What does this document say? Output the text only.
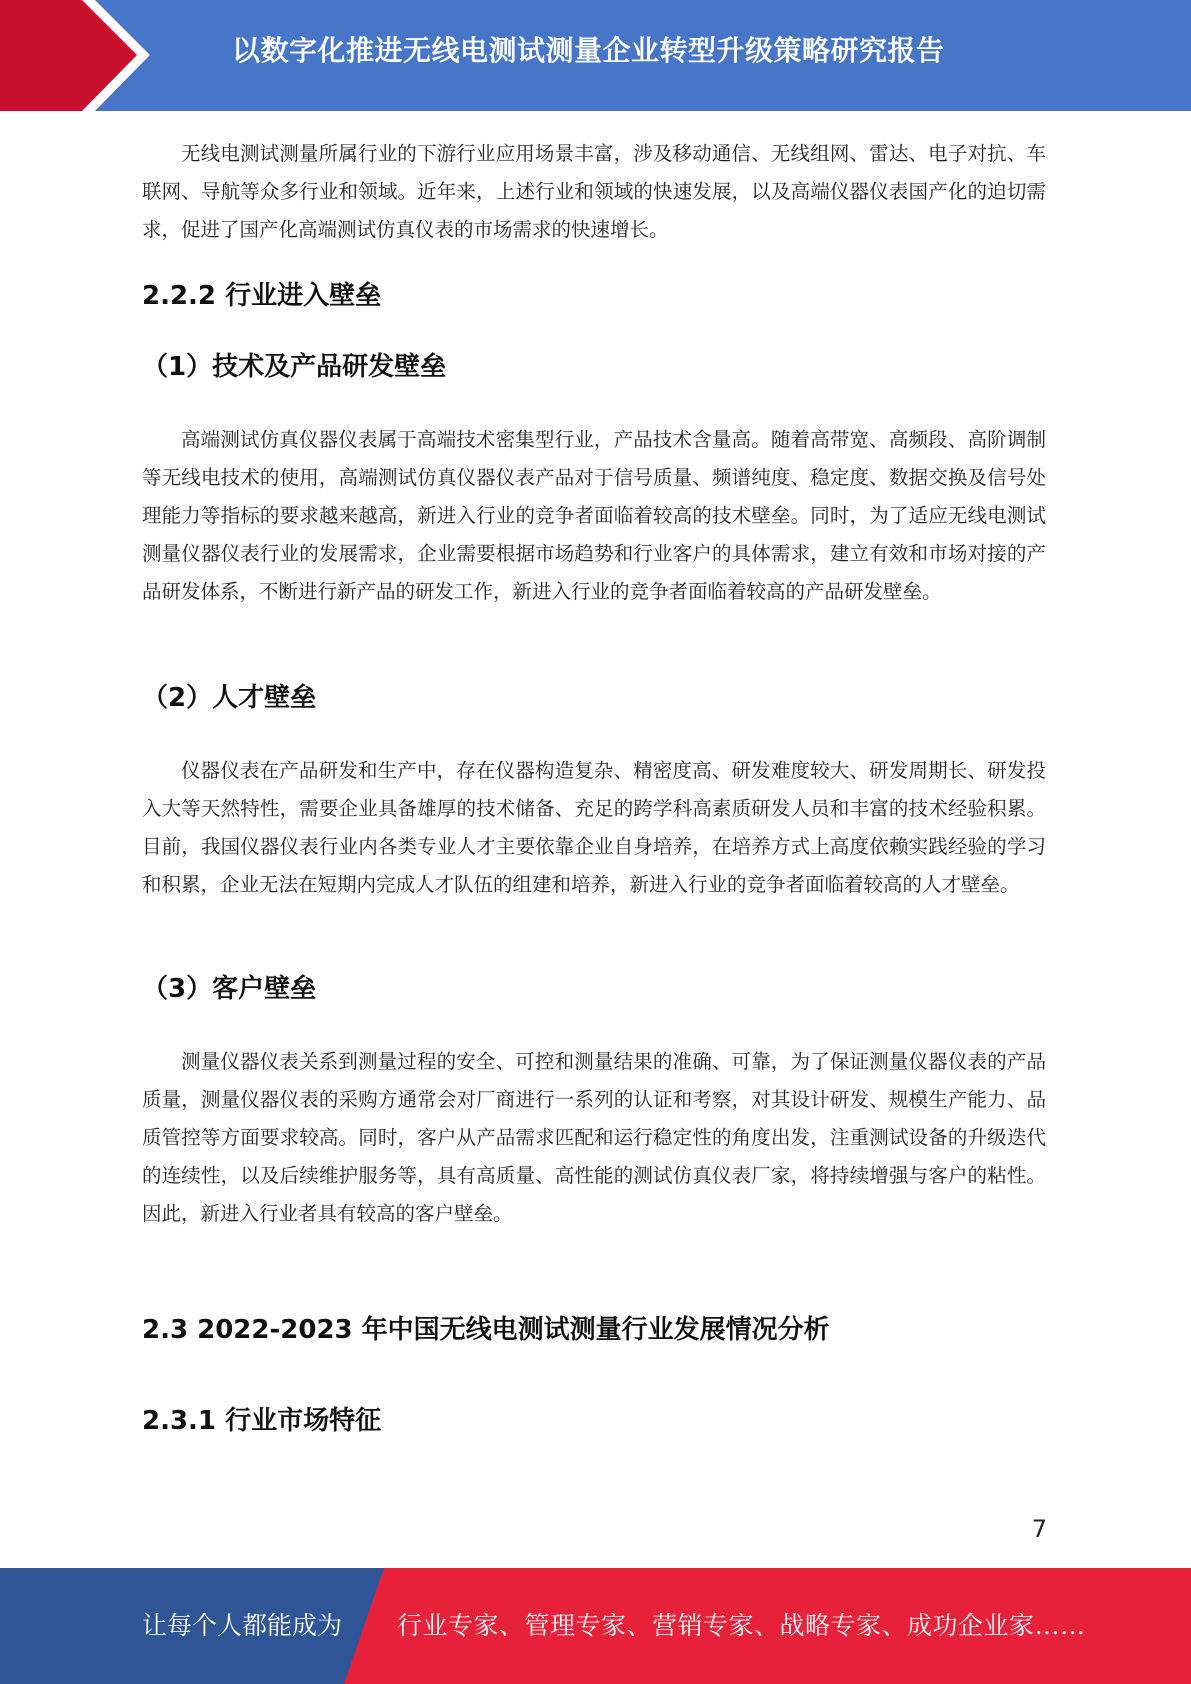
以数字化推进无线电测试测量企业转型升级策略研究报告

无线电测试测量所属行业的下游行业应用场景丰富，涉及移动通信、无线组网、雷达、电子对抗、车联网、导航等众多行业和领域。近年来，上述行业和领域的快速发展，以及高端仪器仪表国产化的迫切需求，促进了国产化高端测试仿真仪表的市场需求的快速增长。

2.2.2 行业进入壁垒
（1）技术及产品研发壁垒

高端测试仿真仪器仪表属于高端技术密集型行业，产品技术含量高。随着高带宽、高频段、高阶调制等无线电技术的使用，高端测试仿真仪器仪表产品对于信号质量、频谱纯度、稳定度、数据交换及信号处理能力等指标的要求越来越高，新进入行业的竞争者面临着较高的技术壁垒。同时，为了适应无线电测试测量仪器仪表行业的发展需求，企业需要根据市场趋势和行业客户的具体需求，建立有效和市场对接的产品研发体系，不断进行新产品的研发工作，新进入行业的竞争者面临着较高的产品研发壁垒。

（2）人才壁垒

仪器仪表在产品研发和生产中，存在仪器构造复杂、精密度高、研发难度较大、研发周期长、研发投入大等天然特性，需要企业具备雄厚的技术储备、充足的跨学科高素质研发人员和丰富的技术经验积累。目前，我国仪器仪表行业内各类专业人才主要依靠企业自身培养，在培养方式上高度依赖实践经验的学习和积累，企业无法在短期内完成人才队伍的组建和培养，新进入行业的竞争者面临着较高的人才壁垒。

（3）客户壁垒

测量仪器仪表关系到测量过程的安全、可控和测量结果的准确、可靠，为了保证测量仪器仪表的产品质量，测量仪器仪表的采购方通常会对厂商进行一系列的认证和考察，对其设计研发、规模生产能力、品质管控等方面要求较高。同时，客户从产品需求匹配和运行稳定性的角度出发，注重测试设备的升级迭代的连续性，以及后续维护服务等，具有高质量、高性能的测试仿真仪表厂家，将持续增强与客户的粘性。因此，新进入行业者具有较高的客户壁垒。

2.3 2022-2023 年中国无线电测试测量行业发展情况分析
2.3.1 行业市场特征
7
让每个人都能成为 行业专家、管理专家、营销专家、战略专家、成功企业家……
